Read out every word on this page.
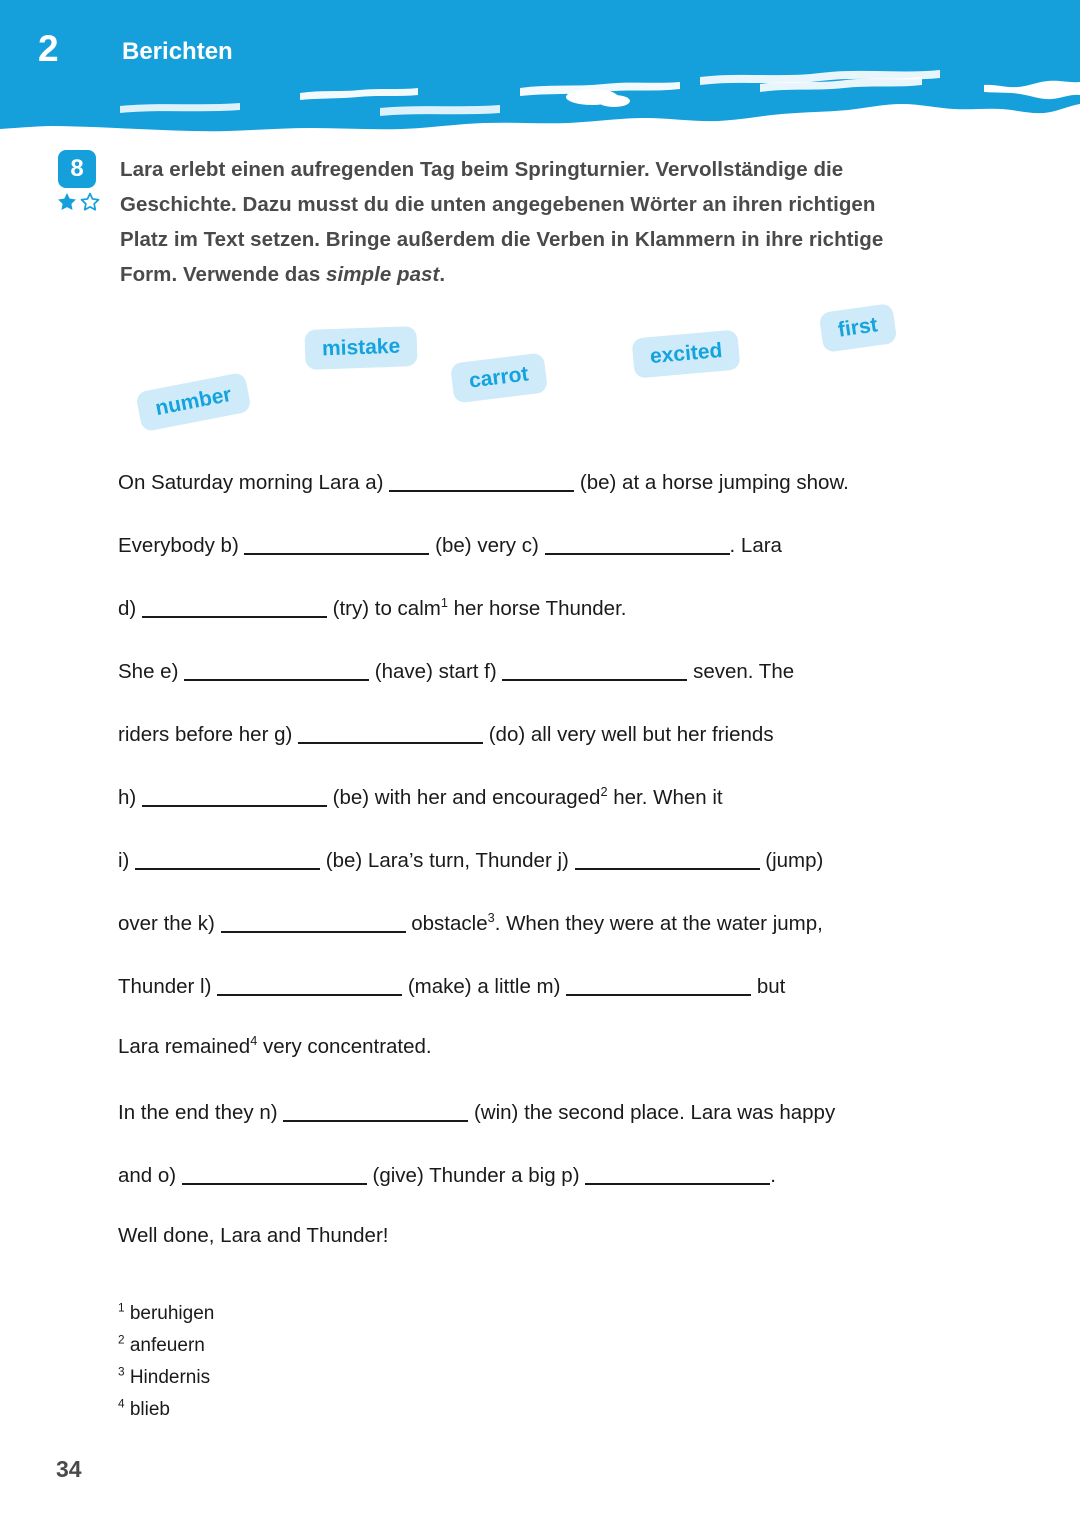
2	Berichten
8	Lara erlebt einen aufregenden Tag beim Springturnier. Vervollständige die Geschichte. Dazu musst du die unten angegebenen Wörter an ihren richtigen Platz im Text setzen. Bringe außerdem die Verben in Klammern in ihre richtige Form. Verwende das simple past.
number
mistake
carrot
excited
first
On Saturday morning Lara a)	(be) at a horse jumping show.
Everybody b)	(be) very c)	. Lara
d)	(try) to calm$^1$ her horse Thunder.
She e)	(have) start f)	seven. The
riders before her g)	(do) all very well but her friends
h)	(be) with her and encouraged$^2$ her. When it
i)	(be) Lara’s turn, Thunder j)	(jump)
over the k)	obstacle$^3$. When they were at the water jump,
Thunder l)	(make) a little m)	but
Lara remained$^4$ very concentrated.
In the end they n)	(win) the second place. Lara was happy
and o)	(give) Thunder a big p)	.
Well done, Lara and Thunder!
$^1$ beruhigen
$^2$ anfeuern
$^3$ Hindernis
$^4$ blieb
34
